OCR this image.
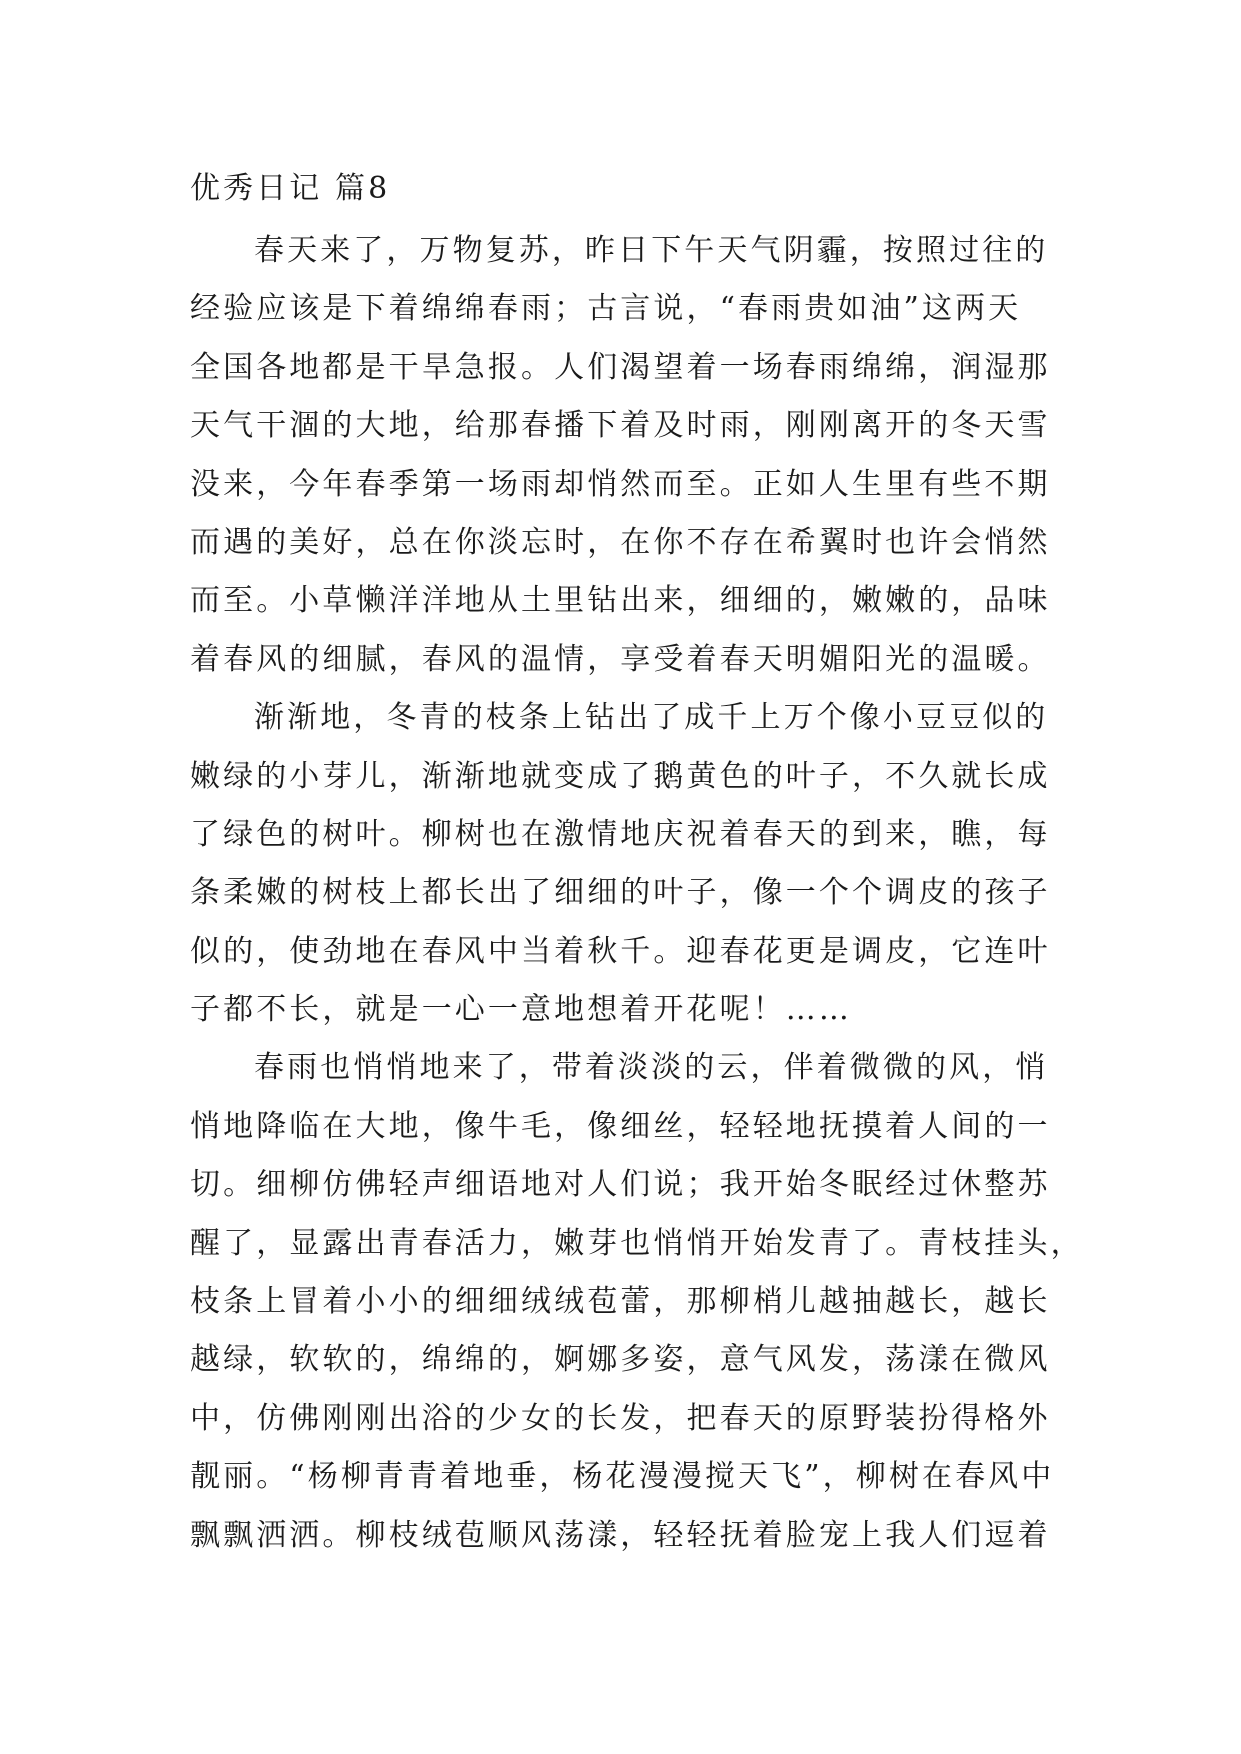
优秀日记 篇8
春天来了，万物复苏，昨日下午天气阴霾，按照过往的
经验应该是下着绵绵春雨；古言说，“春雨贵如油”这两天
全国各地都是干旱急报。人们渴望着一场春雨绵绵，润湿那
天气干涸的大地，给那春播下着及时雨，刚刚离开的冬天雪
没来，今年春季第一场雨却悄然而至。正如人生里有些不期
而遇的美好，总在你淡忘时，在你不存在希翼时也许会悄然
而至。小草懒洋洋地从土里钻出来，细细的，嫩嫩的，品味
着春风的细腻，春风的温情，享受着春天明媚阳光的温暖。
渐渐地，冬青的枝条上钻出了成千上万个像小豆豆似的
嫩绿的小芽儿，渐渐地就变成了鹅黄色的叶子，不久就长成
了绿色的树叶。柳树也在激情地庆祝着春天的到来，瞧，每
条柔嫩的树枝上都长出了细细的叶子，像一个个调皮的孩子
似的，使劲地在春风中当着秋千。迎春花更是调皮，它连叶
子都不长，就是一心一意地想着开花呢！……
春雨也悄悄地来了，带着淡淡的云，伴着微微的风，悄
悄地降临在大地，像牛毛，像细丝，轻轻地抚摸着人间的一
切。细柳仿佛轻声细语地对人们说；我开始冬眠经过休整苏
醒了，显露出青春活力，嫩芽也悄悄开始发青了。青枝挂头，
枝条上冒着小小的细细绒绒苞蕾，那柳梢儿越抽越长，越长
越绿，软软的，绵绵的，婀娜多姿，意气风发，荡漾在微风
中，仿佛刚刚出浴的少女的长发，把春天的原野装扮得格外
靓丽。“杨柳青青着地垂，杨花漫漫搅天飞”，柳树在春风中
飘飘洒洒。柳枝绒苞顺风荡漾，轻轻抚着脸宠上我人们逗着
